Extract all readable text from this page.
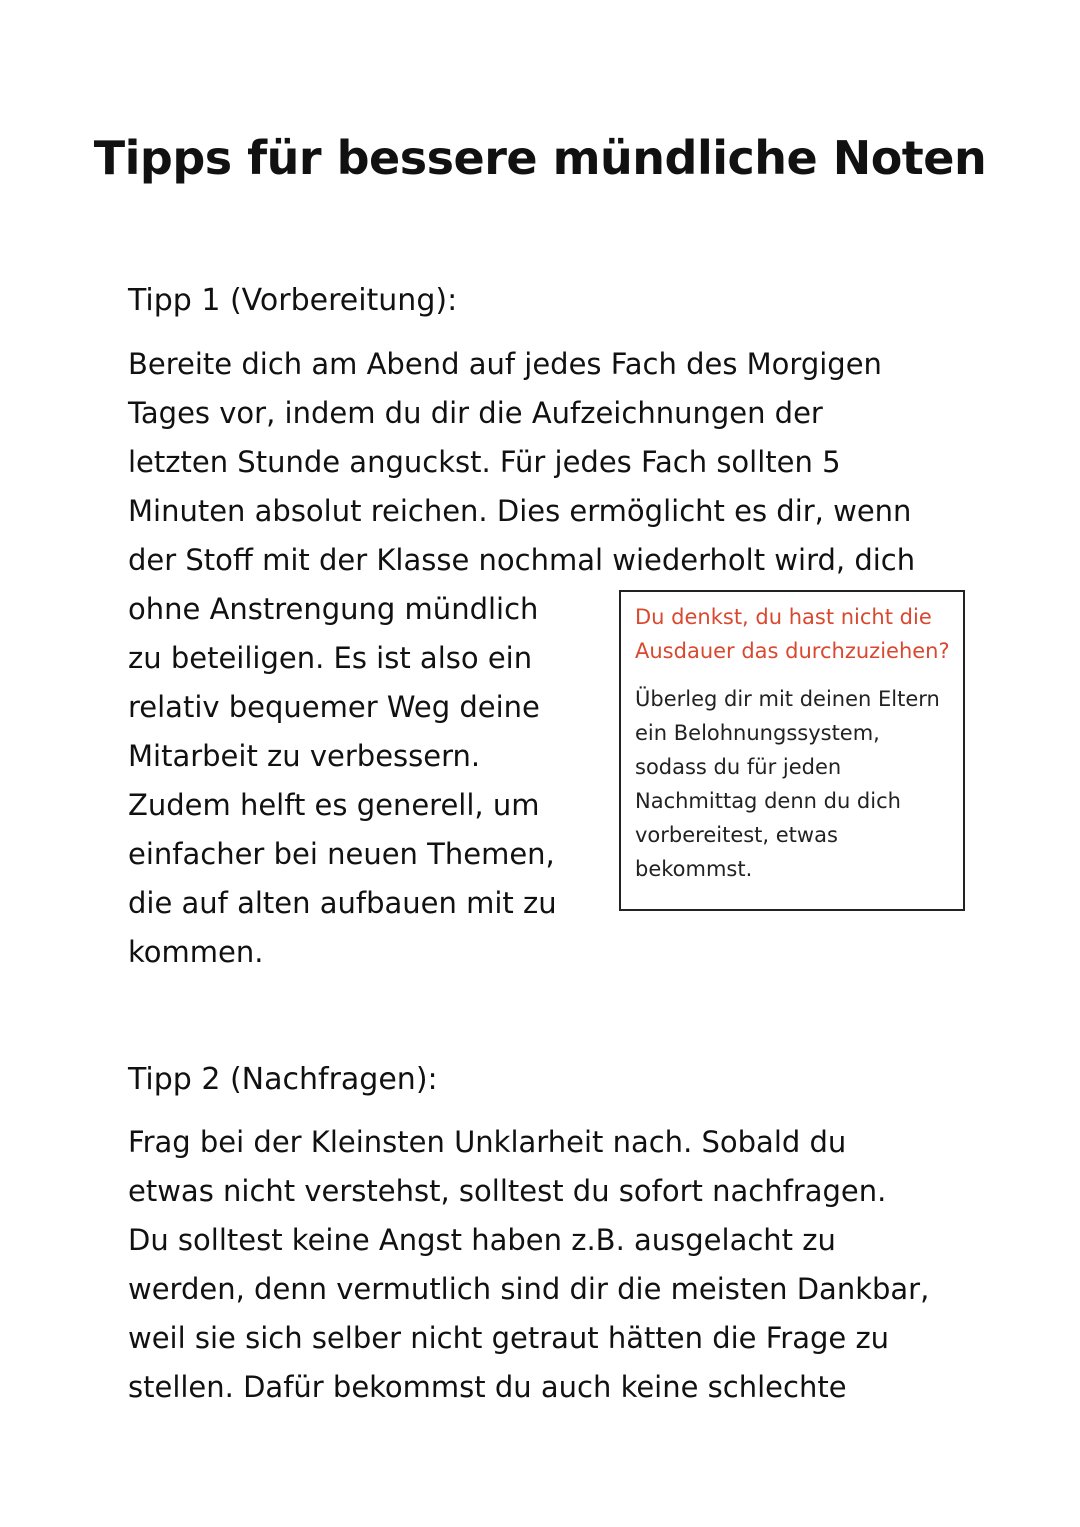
Tipps für bessere mündliche Noten
Tipp 1 (Vorbereitung):
Bereite dich am Abend auf jedes Fach des Morgigen
Tages vor, indem du dir die Aufzeichnungen der
letzten Stunde anguckst. Für jedes Fach sollten 5
Minuten absolut reichen. Dies ermöglicht es dir, wenn
der Stoff mit der Klasse nochmal wiederholt wird, dich
ohne Anstrengung mündlich
zu beteiligen. Es ist also ein
relativ bequemer Weg deine
Mitarbeit zu verbessern.
Zudem helft es generell, um
einfacher bei neuen Themen,
die auf alten aufbauen mit zu
kommen.

Du denkst, du hast nicht die
Ausdauer das durchzuziehen?

Überleg dir mit deinen Eltern
ein Belohnungssystem,
sodass du für jeden
Nachmittag denn du dich
vorbereitest, etwas
bekommst.

Tipp 2 (Nachfragen):
Frag bei der Kleinsten Unklarheit nach. Sobald du
etwas nicht verstehst, solltest du sofort nachfragen.
Du solltest keine Angst haben z.B. ausgelacht zu
werden, denn vermutlich sind dir die meisten Dankbar,
weil sie sich selber nicht getraut hätten die Frage zu
stellen. Dafür bekommst du auch keine schlechte
